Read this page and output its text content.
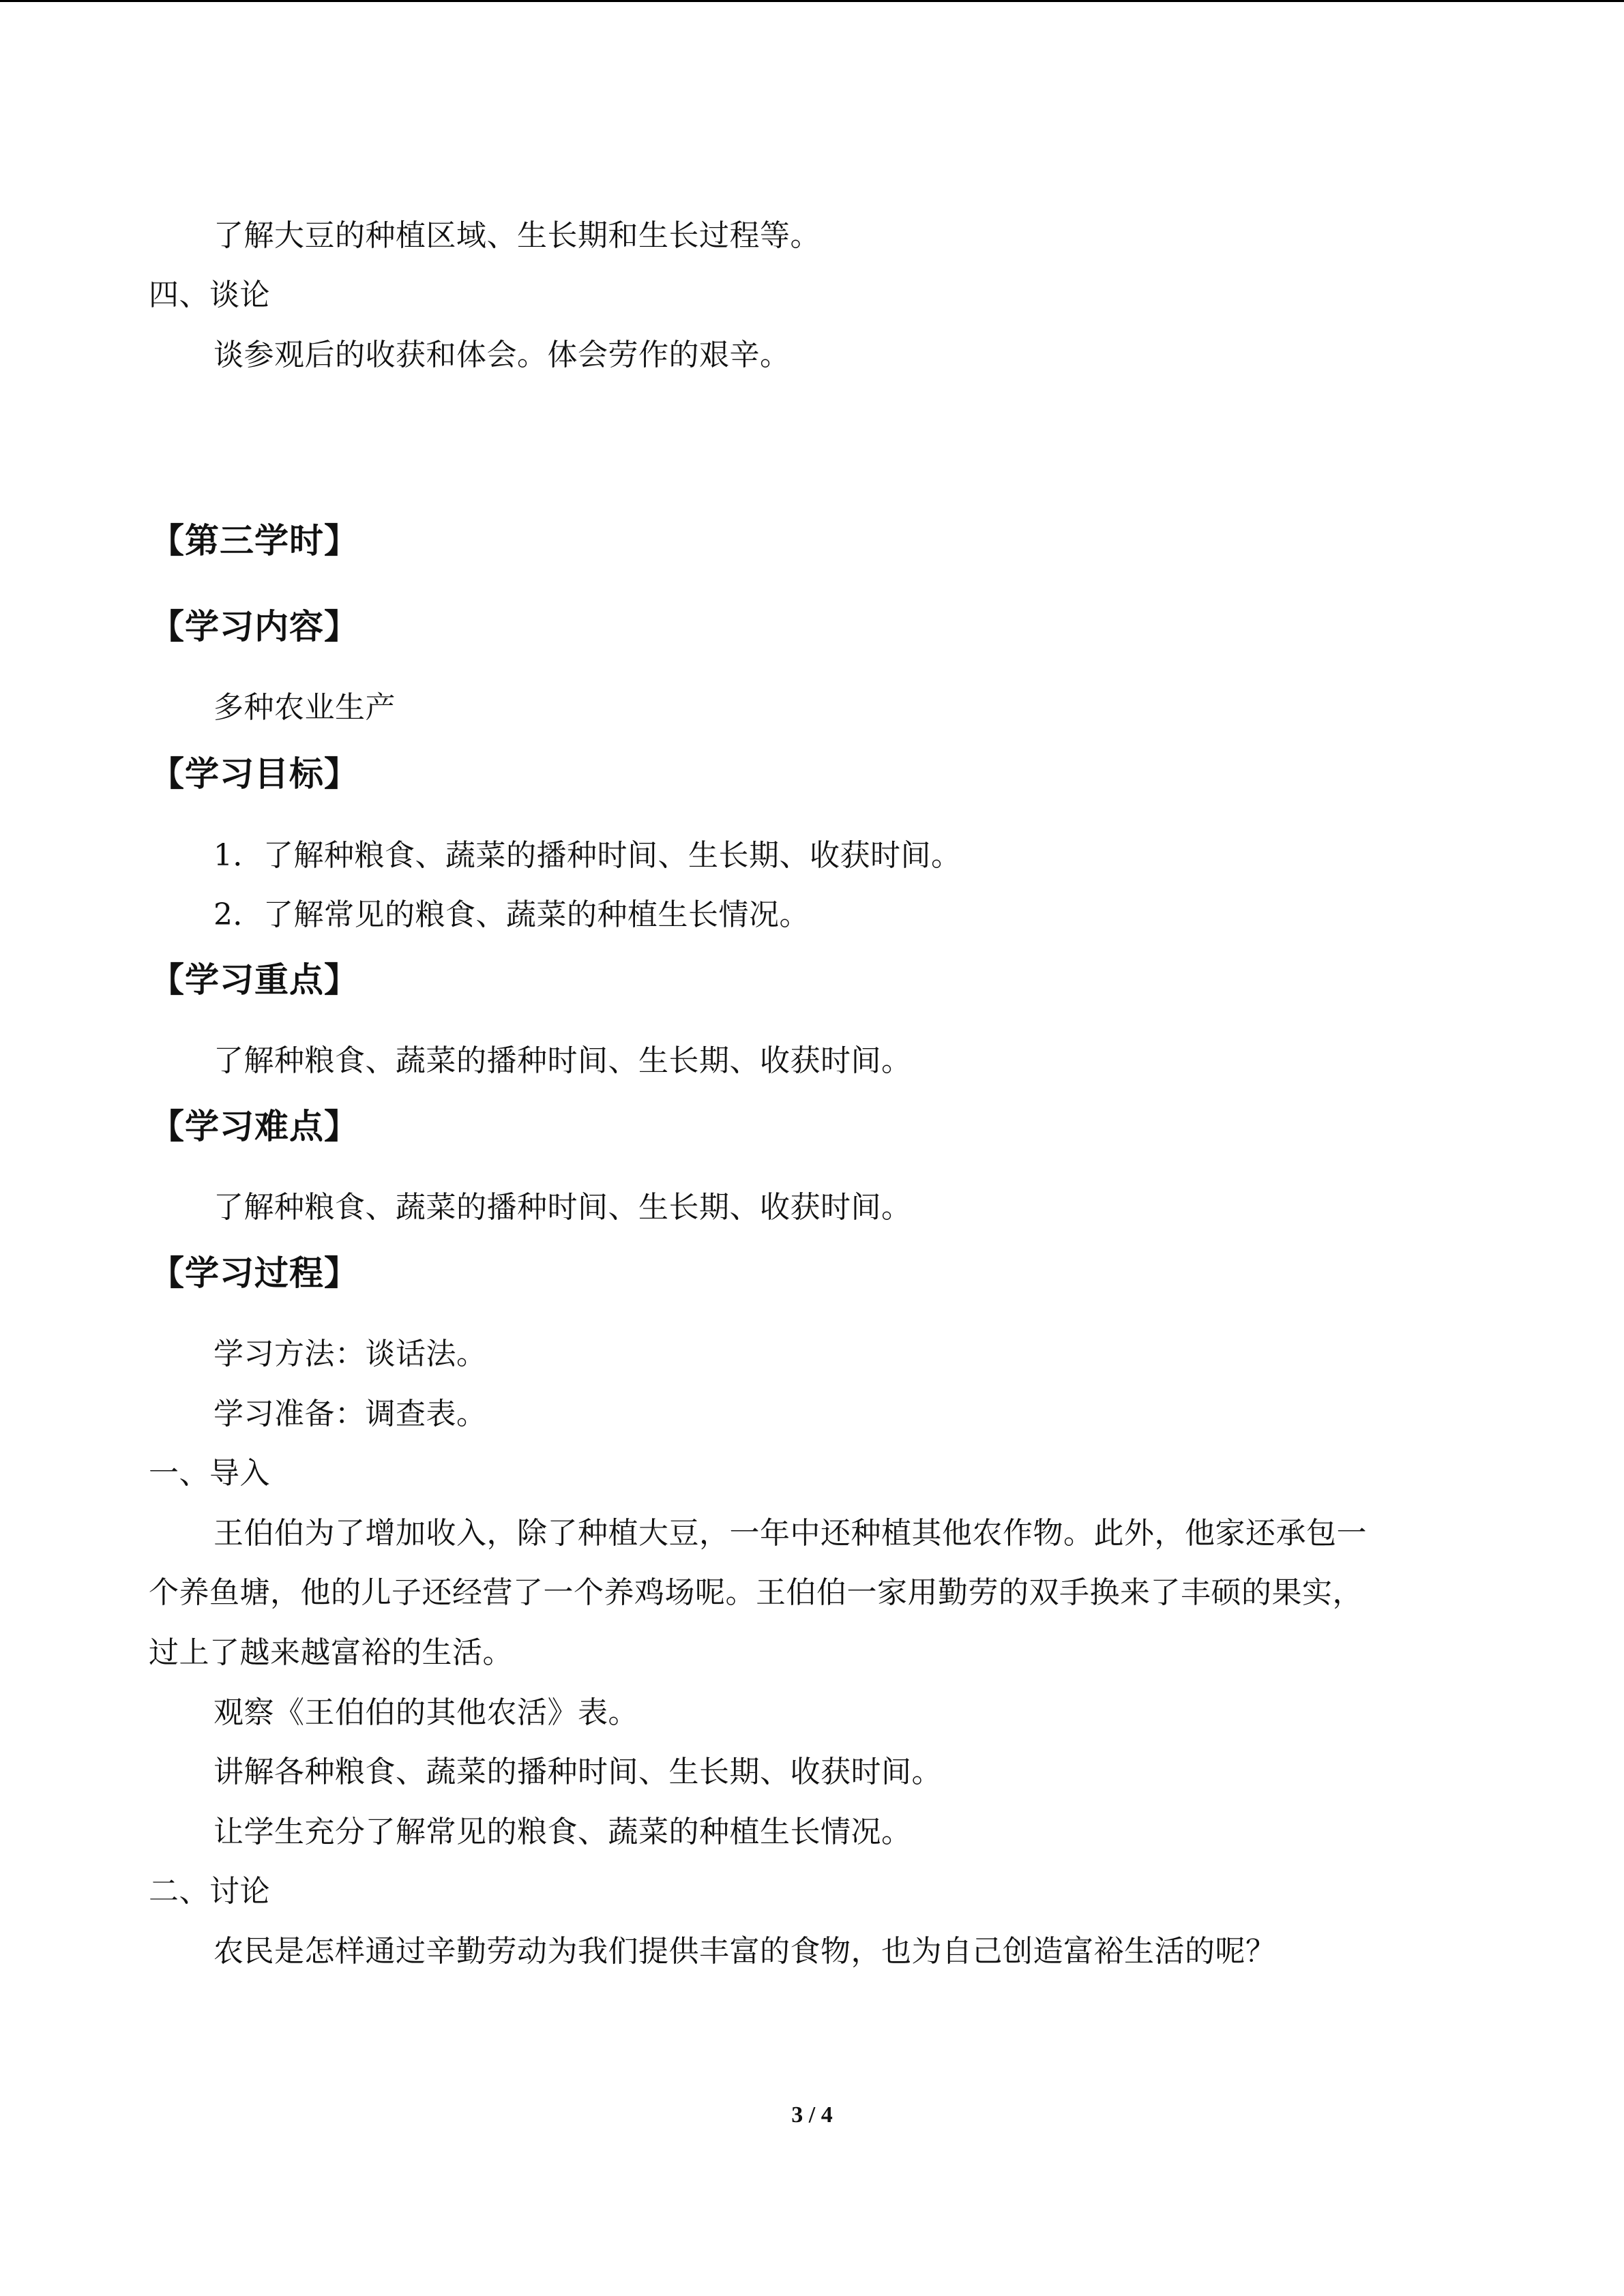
了解大豆的种植区域、生长期和生长过程等。
四、谈论
谈参观后的收获和体会。体会劳作的艰辛。
【第三学时】
【学习内容】
多种农业生产
【学习目标】
1．了解种粮食、蔬菜的播种时间、生长期、收获时间。
2．了解常见的粮食、蔬菜的种植生长情况。
【学习重点】
了解种粮食、蔬菜的播种时间、生长期、收获时间。
【学习难点】
了解种粮食、蔬菜的播种时间、生长期、收获时间。
【学习过程】
学习方法：谈话法。
学习准备：调查表。
一、导入
王伯伯为了增加收入，除了种植大豆，一年中还种植其他农作物。此外，他家还承包一
个养鱼塘，他的儿子还经营了一个养鸡场呢。王伯伯一家用勤劳的双手换来了丰硕的果实，
过上了越来越富裕的生活。
观察《王伯伯的其他农活》表。
讲解各种粮食、蔬菜的播种时间、生长期、收获时间。
让学生充分了解常见的粮食、蔬菜的种植生长情况。
二、讨论
农民是怎样通过辛勤劳动为我们提供丰富的食物，也为自己创造富裕生活的呢？
3 / 4
